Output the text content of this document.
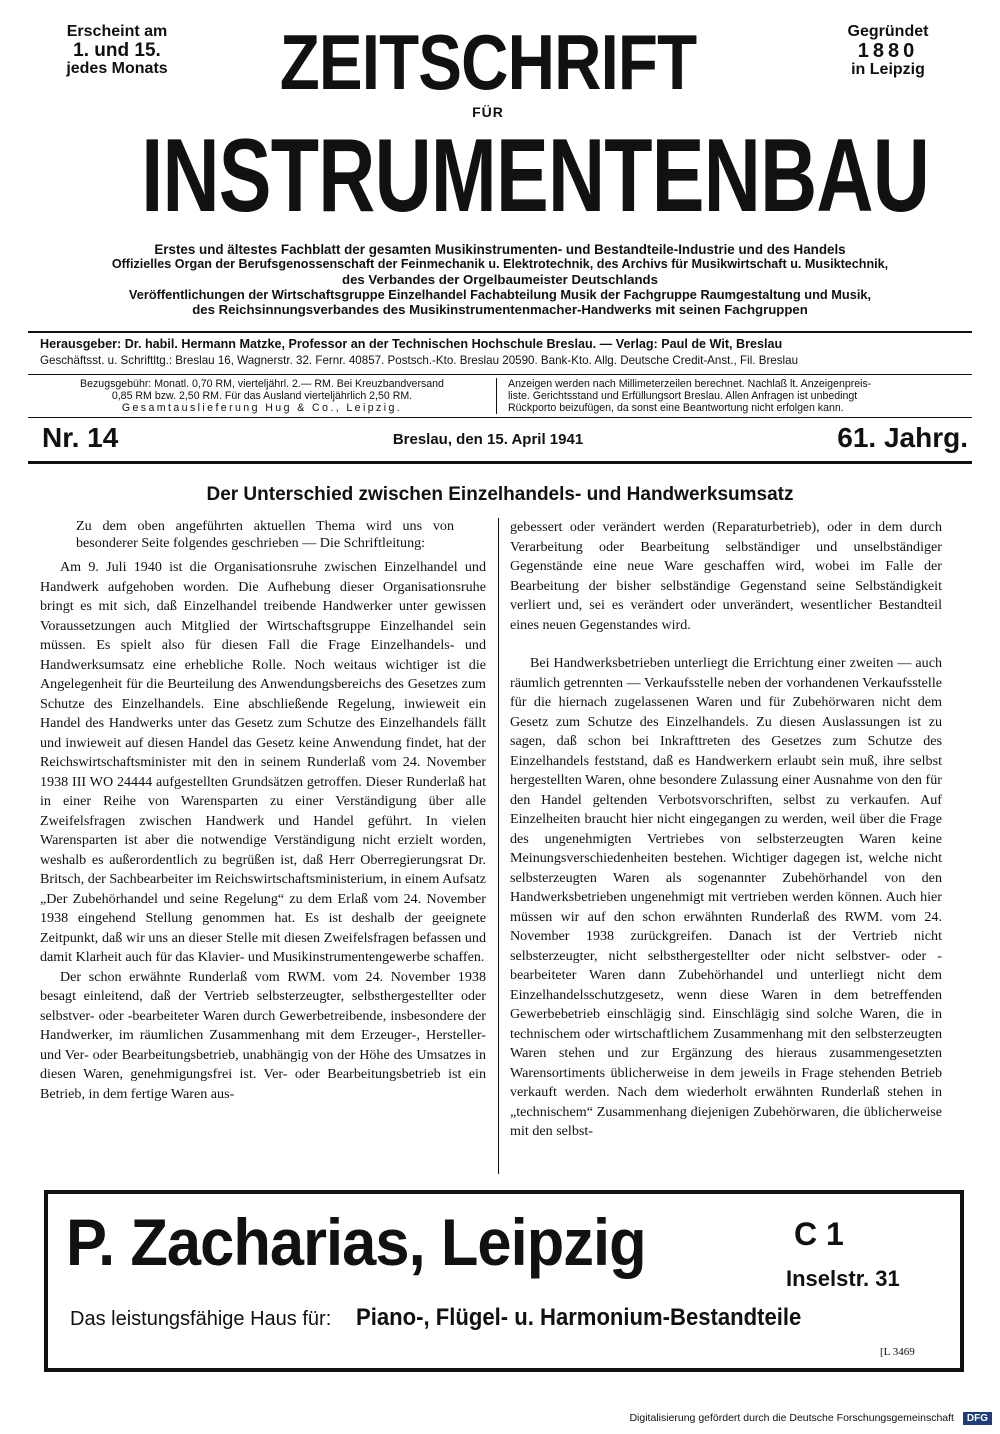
Erscheint am
1. und 15.
jedes Monats	ZEITSCHRIFT
FÜR
INSTRUMENTENBAU
Gegründet
1880
in Leipzig
Erstes und ältestes Fachblatt der gesamten Musikinstrumenten- und Bestandteile-Industrie und des Handels
Offizielles Organ der Berufsgenossenschaft der Feinmechanik u. Elektrotechnik, des Archivs für Musikwirtschaft u. Musiktechnik,
des Verbandes der Orgelbaumeister Deutschlands
Veröffentlichungen der Wirtschaftsgruppe Einzelhandel Fachabteilung Musik der Fachgruppe Raumgestaltung und Musik,
des Reichsinnungsverbandes des Musikinstrumentenmacher-Handwerks mit seinen Fachgruppen
Herausgeber: Dr. habil. Hermann Matzke, Professor an der Technischen Hochschule Breslau. — Verlag: Paul de Wit, Breslau
Geschäftsst. u. Schriftltg.: Breslau 16, Wagnerstr. 32. Fernr. 40857. Postsch.-Kto. Breslau 20590. Bank-Kto. Allg. Deutsche Credit-Anst., Fil. Breslau
Bezugsgebühr: Monatl. 0,70 RM, vierteljährl. 2.— RM. Bei Kreuzbandversand
0,85 RM bzw. 2,50 RM. Für das Ausland vierteljährlich 2,50 RM.
Gesamtauslieferung Hug & Co., Leipzig.
Anzeigen werden nach Millimeterzeilen berechnet. Nachlaß lt. Anzeigenpreis-
liste. Gerichtsstand und Erfüllungsort Breslau. Allen Anfragen ist unbedingt
Rückporto beizufügen, da sonst eine Beantwortung nicht erfolgen kann.
Nr. 14	Breslau, den 15. April 1941	61. Jahrg.
Der Unterschied zwischen Einzelhandels- und Handwerksumsatz

Zu dem oben angeführten aktuellen Thema wird uns von besonderer Seite folgendes geschrieben — Die Schriftleitung:

Am 9. Juli 1940 ist die Organisationsruhe zwischen Einzelhandel und Handwerk aufgehoben worden. Die Aufhebung dieser Organisationsruhe bringt es mit sich, daß Einzelhandel treibende Handwerker unter gewissen Voraussetzungen auch Mitglied der Wirtschaftsgruppe Einzelhandel sein müssen. Es spielt also für diesen Fall die Frage Einzelhandels- und Handwerksumsatz eine erhebliche Rolle. Noch weitaus wichtiger ist die Angelegenheit für die Beurteilung des Anwendungsbereichs des Gesetzes zum Schutze des Einzelhandels. Eine abschließende Regelung, inwieweit ein Handel des Handwerks unter das Gesetz zum Schutze des Einzelhandels fällt und inwieweit auf diesen Handel das Gesetz keine Anwendung findet, hat der Reichswirtschaftsminister mit den in seinem Runderlaß vom 24. November 1938 III WO 24444 aufgestellten Grundsätzen getroffen. Dieser Runderlaß hat in einer Reihe von Warensparten zu einer Verständigung über alle Zweifelsfragen zwischen Handwerk und Handel geführt. In vielen Warensparten ist aber die notwendige Verständigung nicht erzielt worden, weshalb es außerordentlich zu begrüßen ist, daß Herr Oberregierungsrat Dr. Britsch, der Sachbearbeiter im Reichswirtschaftsministerium, in einem Aufsatz „Der Zubehörhandel und seine Regelung“ zu dem Erlaß vom 24. November 1938 eingehend Stellung genommen hat. Es ist deshalb der geeignete Zeitpunkt, daß wir uns an dieser Stelle mit diesen Zweifelsfragen befassen und damit Klarheit auch für das Klavier- und Musikinstrumentengewerbe schaffen.

Der schon erwähnte Runderlaß vom RWM. vom 24. November 1938 besagt einleitend, daß der Vertrieb selbsterzeugter, selbsthergestellter oder selbstver- oder -bearbeiteter Waren durch Gewerbetreibende, insbesondere der Handwerker, im räumlichen Zusammenhang mit dem Erzeuger-, Hersteller- und Ver- oder Bearbeitungsbetrieb, unabhängig von der Höhe des Umsatzes in diesen Waren, genehmigungsfrei ist. Ver- oder Bearbeitungsbetrieb ist ein Betrieb, in dem fertige Waren aus-

gebessert oder verändert werden (Reparaturbetrieb), oder in dem durch Verarbeitung oder Bearbeitung selbständiger und unselbständiger Gegenstände eine neue Ware geschaffen wird, wobei im Falle der Bearbeitung der bisher selbständige Gegenstand seine Selbständigkeit verliert und, sei es verändert oder unverändert, wesentlicher Bestandteil eines neuen Gegenstandes wird.

Bei Handwerksbetrieben unterliegt die Errichtung einer zweiten — auch räumlich getrennten — Verkaufsstelle neben der vorhandenen Verkaufsstelle für die hiernach zugelassenen Waren und für Zubehörwaren nicht dem Gesetz zum Schutze des Einzelhandels. Zu diesen Auslassungen ist zu sagen, daß schon bei Inkrafttreten des Gesetzes zum Schutze des Einzelhandels feststand, daß es Handwerkern erlaubt sein muß, ihre selbst hergestellten Waren, ohne besondere Zulassung einer Ausnahme von den für den Handel geltenden Verbotsvorschriften, selbst zu verkaufen. Auf Einzelheiten braucht hier nicht eingegangen zu werden, weil über die Frage des ungenehmigten Vertriebes von selbsterzeugten Waren keine Meinungsverschiedenheiten bestehen. Wichtiger dagegen ist, welche nicht selbsterzeugten Waren als sogenannter Zubehörhandel von den Handwerksbetrieben ungenehmigt mit vertrieben werden können. Auch hier müssen wir auf den schon erwähnten Runderlaß des RWM. vom 24. November 1938 zurückgreifen. Danach ist der Vertrieb nicht selbsterzeugter, nicht selbsthergestellter oder nicht selbstver- oder -bearbeiteter Waren dann Zubehörhandel und unterliegt nicht dem Einzelhandelsschutzgesetz, wenn diese Waren in dem betreffenden Gewerbebetrieb einschlägig sind. Einschlägig sind solche Waren, die in technischem oder wirtschaftlichem Zusammenhang mit den selbsterzeugten Waren stehen und zur Ergänzung des hieraus zusammengesetzten Warensortiments üblicherweise in dem jeweils in Frage stehenden Betrieb verkauft werden. Nach dem wiederholt erwähnten Runderlaß stehen in „technischem“ Zusammenhang diejenigen Zubehörwaren, die üblicherweise mit den selbst-

P. Zacharias, Leipzig	C 1
Inselstr. 31
Das leistungsfähige Haus für: Piano-, Flügel- u. Harmonium-Bestandteile
[L 3469
Digitalisierung gefördert durch die Deutsche Forschungsgemeinschaft DFG
